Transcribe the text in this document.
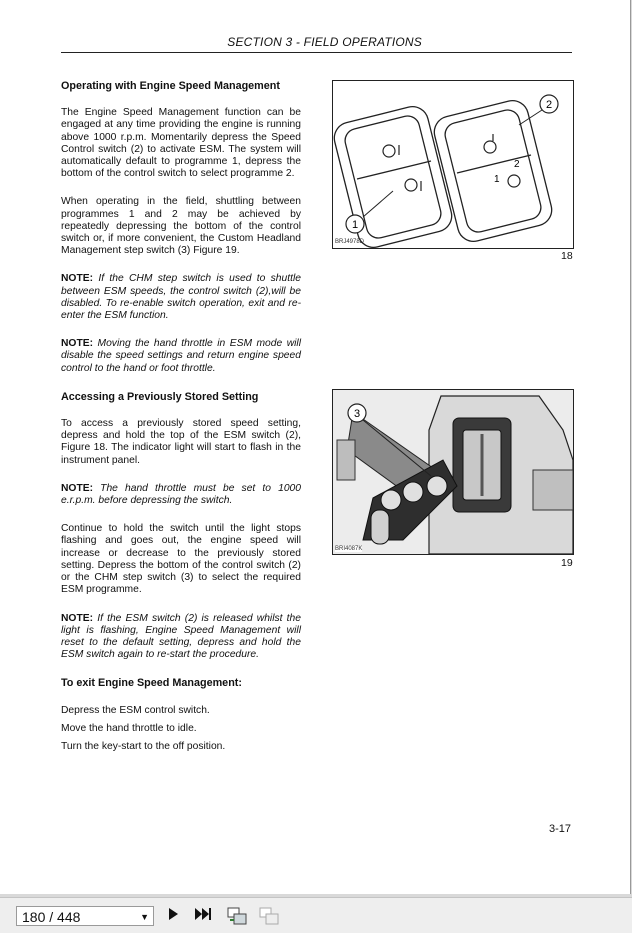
SECTION 3 - FIELD OPERATIONS
Operating with Engine Speed Management

The Engine Speed Management function can be engaged at any time providing the engine is running above 1000 r.p.m. Momentarily depress the Speed Control switch (2) to activate ESM. The system will automatically default to programme 1, depress the bottom of the control switch to select programme 2.

When operating in the field, shuttling between programmes 1 and 2 may be achieved by repeatedly depressing the bottom of the control switch or, if more convenient, the Custom Headland Management step switch (3) Figure 19.

NOTE: If the CHM step switch is used to shuttle between ESM speeds, the control switch (2),will be disabled. To re-enable switch operation, exit and re-enter the ESM function.

NOTE: Moving the hand throttle in ESM mode will disable the speed settings and return engine speed control to the hand or foot throttle.

Accessing a Previously Stored Setting

To access a previously stored speed setting, depress and hold the top of the ESM switch (2), Figure 18. The indicator light will start to flash in the instrument panel.

NOTE: The hand throttle must be set to 1000 e.r.p.m. before depressing the switch.

Continue to hold the switch until the light stops flashing and goes out, the engine speed will increase or decrease to the previously stored setting. Depress the bottom of the control switch (2) or the CHM step switch (3) to select the required ESM programme.

NOTE: If the ESM switch (2) is released whilst the light is flashing, Engine Speed Management will reset to the default setting, depress and hold the ESM switch again to re-start the procedure.

To exit Engine Speed Management:

Depress the ESM control switch.

Move the hand throttle to idle.

Turn the key-start to the off position.

1
2
1
2
BRJ4978D
18
3
BRI4087K
19
3-17
180 / 448	▼
